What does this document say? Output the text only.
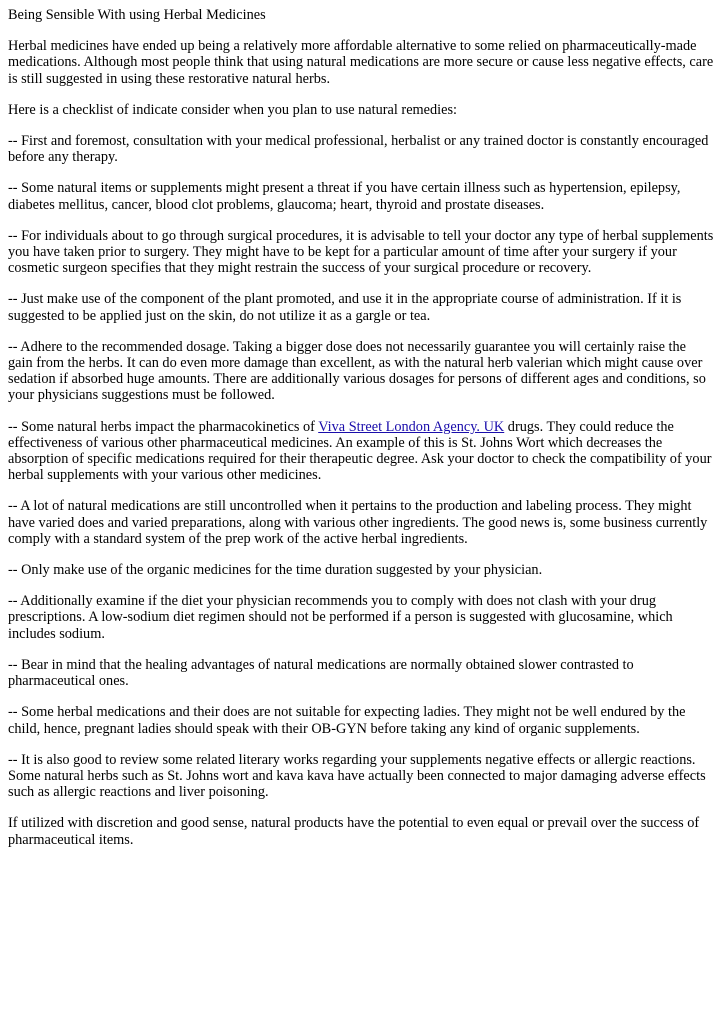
Being Sensible With using Herbal Medicines

Herbal medicines have ended up being a relatively more affordable alternative to some relied on pharmaceutically-made medications. Although most people think that using natural medications are more secure or cause less negative effects, care is still suggested in using these restorative natural herbs.

Here is a checklist of indicate consider when you plan to use natural remedies:

-- First and foremost, consultation with your medical professional, herbalist or any trained doctor is constantly encouraged before any therapy.

-- Some natural items or supplements might present a threat if you have certain illness such as hypertension, epilepsy, diabetes mellitus, cancer, blood clot problems, glaucoma; heart, thyroid and prostate diseases.

-- For individuals about to go through surgical procedures, it is advisable to tell your doctor any type of herbal supplements you have taken prior to surgery. They might have to be kept for a particular amount of time after your surgery if your cosmetic surgeon specifies that they might restrain the success of your surgical procedure or recovery.

-- Just make use of the component of the plant promoted, and use it in the appropriate course of administration. If it is suggested to be applied just on the skin, do not utilize it as a gargle or tea.

-- Adhere to the recommended dosage. Taking a bigger dose does not necessarily guarantee you will certainly raise the gain from the herbs. It can do even more damage than excellent, as with the natural herb valerian which might cause over sedation if absorbed huge amounts. There are additionally various dosages for persons of different ages and conditions, so your physicians suggestions must be followed.

-- Some natural herbs impact the pharmacokinetics of Viva Street London Agency. UK drugs. They could reduce the effectiveness of various other pharmaceutical medicines. An example of this is St. Johns Wort which decreases the absorption of specific medications required for their therapeutic degree. Ask your doctor to check the compatibility of your herbal supplements with your various other medicines.

-- A lot of natural medications are still uncontrolled when it pertains to the production and labeling process. They might have varied does and varied preparations, along with various other ingredients. The good news is, some business currently comply with a standard system of the prep work of the active herbal ingredients.

-- Only make use of the organic medicines for the time duration suggested by your physician.

-- Additionally examine if the diet your physician recommends you to comply with does not clash with your drug prescriptions. A low-sodium diet regimen should not be performed if a person is suggested with glucosamine, which includes sodium.

-- Bear in mind that the healing advantages of natural medications are normally obtained slower contrasted to pharmaceutical ones.

-- Some herbal medications and their does are not suitable for expecting ladies. They might not be well endured by the child, hence, pregnant ladies should speak with their OB-GYN before taking any kind of organic supplements.

-- It is also good to review some related literary works regarding your supplements negative effects or allergic reactions. Some natural herbs such as St. Johns wort and kava kava have actually been connected to major damaging adverse effects such as allergic reactions and liver poisoning.

If utilized with discretion and good sense, natural products have the potential to even equal or prevail over the success of pharmaceutical items.
